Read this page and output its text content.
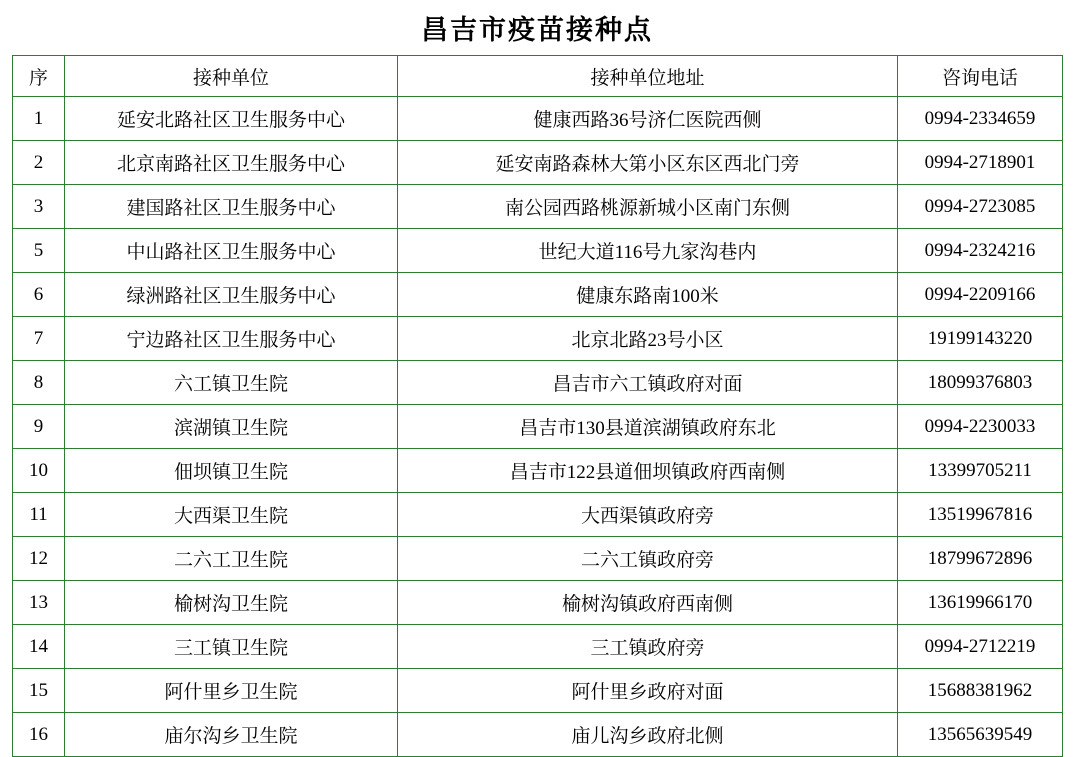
昌吉市疫苗接种点
序	接种单位	接种单位地址	咨询电话
1	延安北路社区卫生服务中心	健康西路36号济仁医院西侧	0994-2334659
2	北京南路社区卫生服务中心	延安南路森林大第小区东区西北门旁	0994-2718901
3	建国路社区卫生服务中心	南公园西路桃源新城小区南门东侧	0994-2723085
5	中山路社区卫生服务中心	世纪大道116号九家沟巷内	0994-2324216
6	绿洲路社区卫生服务中心	健康东路南100米	0994-2209166
7	宁边路社区卫生服务中心	北京北路23号小区	19199143220
8	六工镇卫生院	昌吉市六工镇政府对面	18099376803
9	滨湖镇卫生院	昌吉市130县道滨湖镇政府东北	0994-2230033
10	佃坝镇卫生院	昌吉市122县道佃坝镇政府西南侧	13399705211
11	大西渠卫生院	大西渠镇政府旁	13519967816
12	二六工卫生院	二六工镇政府旁	18799672896
13	榆树沟卫生院	榆树沟镇政府西南侧	13619966170
14	三工镇卫生院	三工镇政府旁	0994-2712219
15	阿什里乡卫生院	阿什里乡政府对面	15688381962
16	庙尔沟乡卫生院	庙儿沟乡政府北侧	13565639549
